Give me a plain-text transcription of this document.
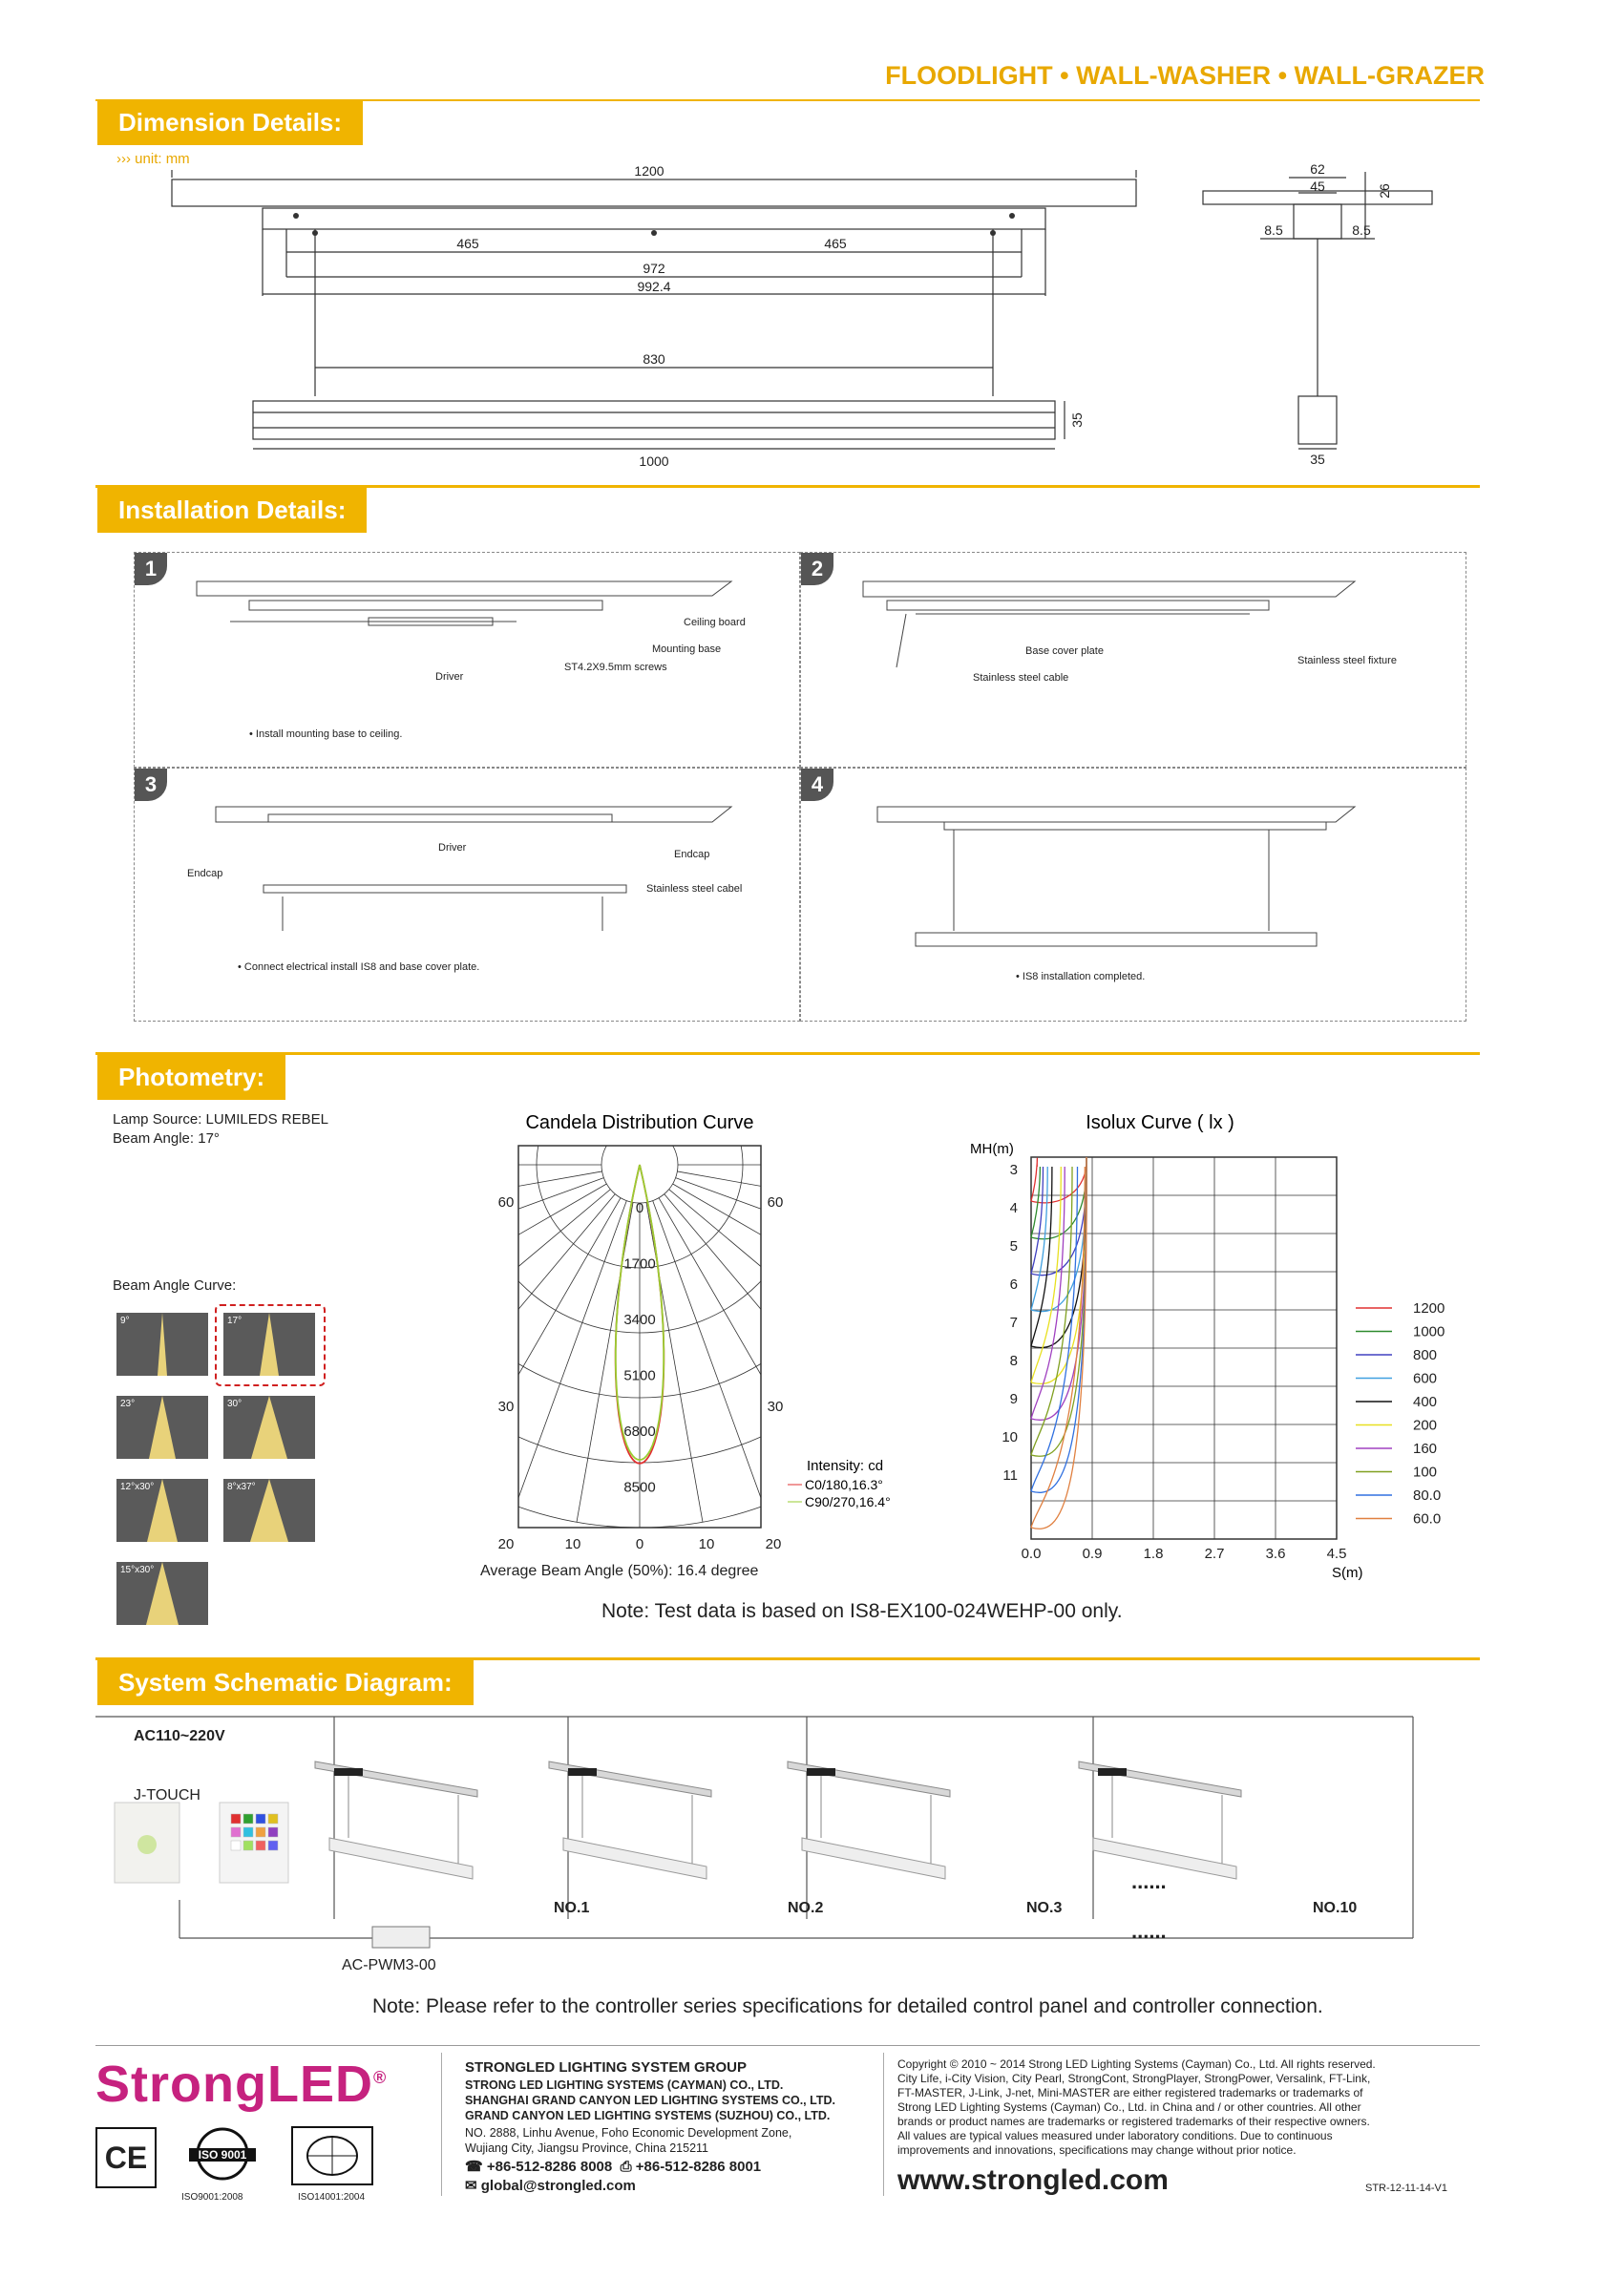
FLOODLIGHT • WALL-WASHER • WALL-GRAZER
Dimension Details:
››› unit: mm
1200
465	465
972
992.4
830
1000
35
62
45	26
8.5	8.5
35
Installation Details:
1
Ceiling board
Mounting base
ST4.2X9.5mm screws
Driver
• Install mounting base to ceiling.
2
Base cover plate
Stainless steel fixture
Stainless steel cable
3
Driver
Endcap
Endcap
Stainless steel cabel
• Connect electrical install IS8 and base cover plate.
4
• IS8 installation completed.
Photometry:
Lamp Source: LUMILEDS REBEL
Beam Angle: 17°
Beam Angle Curve:
9°	17°
23°	30°
12°x30°	8°x37°
15°x30°
Candela Distribution Curve
0
1700
3400
5100
6800
8500
60	60
30	30
20	10	0	10	20
Intensity: cd
C0/180,16.3°
C90/270,16.4°
Average Beam Angle (50%): 16.4 degree
Isolux Curve ( lx )
MH(m)
S(m)
3
4
5
6
7
8
9
10
11
0.0	0.9	1.8	2.7	3.6	4.5
1200
1000
800
600
400
200
160
100
80.0
60.0
Note: Test data is based on IS8-EX100-024WEHP-00 only.
System Schematic Diagram:
AC110~220V
J-TOUCH
AC-PWM3-00
NO.1	NO.2	NO.3	NO.10
......
......
Note: Please refer to the controller series specifications for detailed control panel and controller connection.
StrongLED®
CE	ISO 9001
ISO9001:2008	ISO14001:2004
STRONGLED LIGHTING SYSTEM GROUP
STRONG LED LIGHTING SYSTEMS (CAYMAN) CO., LTD.
SHANGHAI GRAND CANYON LED LIGHTING SYSTEMS CO., LTD.
GRAND CANYON LED LIGHTING SYSTEMS (SUZHOU) CO., LTD.
NO. 2888, Linhu Avenue, Foho Economic Development Zone,
Wujiang City, Jiangsu Province, China 215211
☎ +86-512-8286 8008 ⎙ +86-512-8286 8001
✉ global@strongled.com
Copyright © 2010 ~ 2014 Strong LED Lighting Systems (Cayman) Co., Ltd. All rights reserved.
City Life, i-City Vision, City Pearl, StrongCont, StrongPlayer, StrongPower, Versalink, FT-Link,
FT-MASTER, J-Link, J-net, Mini-MASTER are either registered trademarks or trademarks of
Strong LED Lighting Systems (Cayman) Co., Ltd. in China and / or other countries. All other
brands or product names are trademarks or registered trademarks of their respective owners.
All values are typical values measured under laboratory conditions. Due to continuous
improvements and innovations, specifications may change without prior notice.
www.strongled.com	STR-12-11-14-V1
